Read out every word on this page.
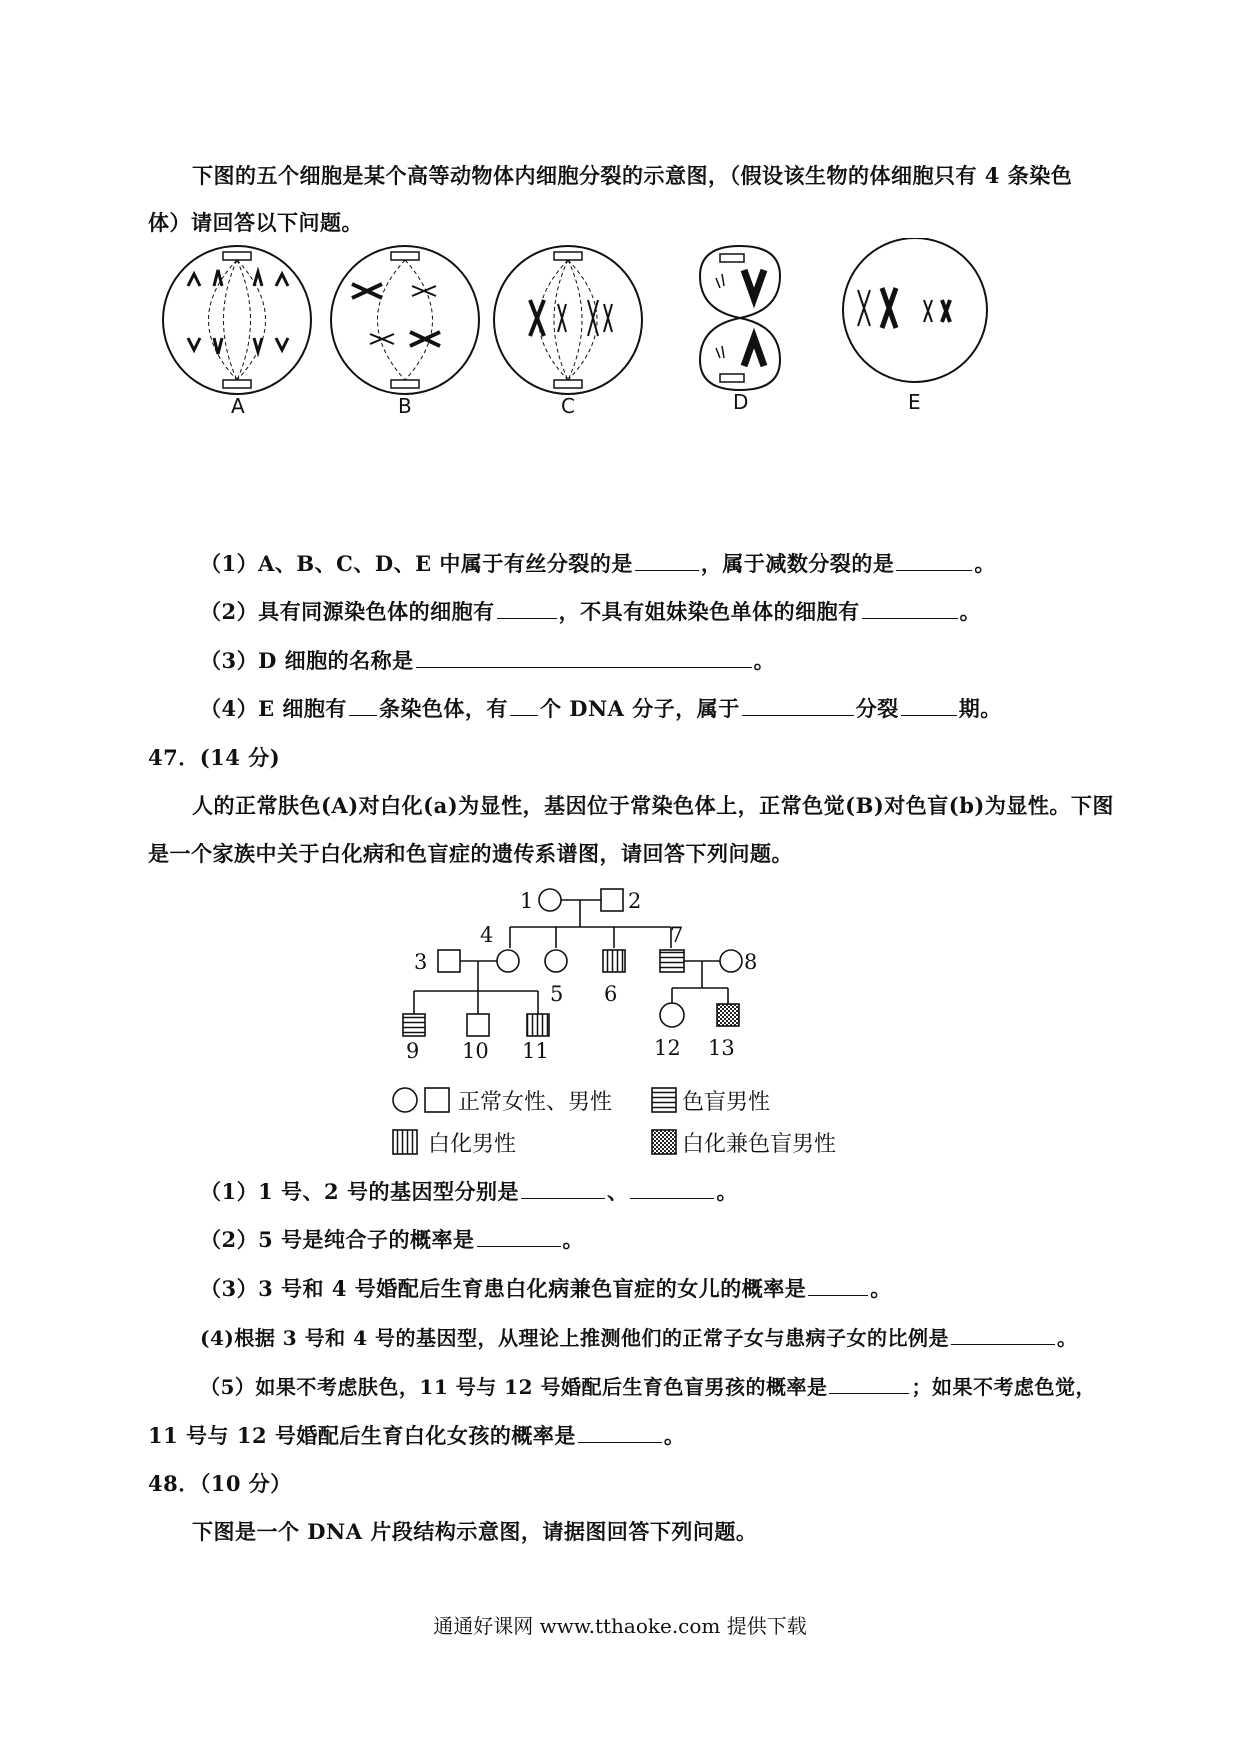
下图的五个细胞是某个高等动物体内细胞分裂的示意图，（假设该生物的体细胞只有 4 条染色
体）请回答以下问题。
A	B	C	D	E
（1）A、B、C、D、E 中属于有丝分裂的是	，属于减数分裂的是	。
（2）具有同源染色体的细胞有	，不具有姐妹染色单体的细胞有	。
（3）D 细胞的名称是	。
（4）E 细胞有 条染色体，有 个 DNA 分子，属于	分裂	期。
47．(14 分)
人的正常肤色(A)对白化(a)为显性，基因位于常染色体上，正常色觉(B)对色盲(b)为显性。下图
是一个家族中关于白化病和色盲症的遗传系谱图，请回答下列问题。
1	2
3
4
5 6
7
8
9 10 11	12 13
正常女性、男性	色盲男性
白化男性	白化兼色盲男性
（1）1 号、2 号的基因型分别是	、	。
（2）5 号是纯合子的概率是	。
（3）3 号和 4 号婚配后生育患白化病兼色盲症的女儿的概率是	。
(4)根据 3 号和 4 号的基因型，从理论上推测他们的正常子女与患病子女的比例是	。
（5）如果不考虑肤色，11 号与 12 号婚配后生育色盲男孩的概率是	；如果不考虑色觉，
11 号与 12 号婚配后生育白化女孩的概率是	。
48．（10 分）
下图是一个 DNA 片段结构示意图，请据图回答下列问题。
通通好课网 www.tthaoke.com 提供下载
